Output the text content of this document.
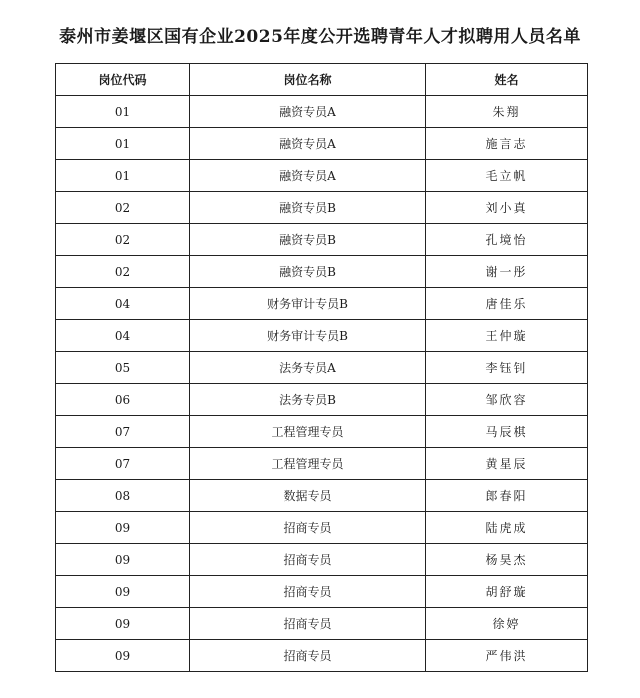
泰州市姜堰区国有企业2025年度公开选聘青年人才拟聘用人员名单
岗位代码	岗位名称	姓名
01	融资专员A	朱翔
01	融资专员A	施言志
01	融资专员A	毛立帆
02	融资专员B	刘小真
02	融资专员B	孔境怡
02	融资专员B	谢一彤
04	财务审计专员B	唐佳乐
04	财务审计专员B	王仲璇
05	法务专员A	李钰钊
06	法务专员B	邹欣容
07	工程管理专员	马辰棋
07	工程管理专员	黄星辰
08	数据专员	郎春阳
09	招商专员	陆虎成
09	招商专员	杨昊杰
09	招商专员	胡舒璇
09	招商专员	徐婷
09	招商专员	严伟洪
